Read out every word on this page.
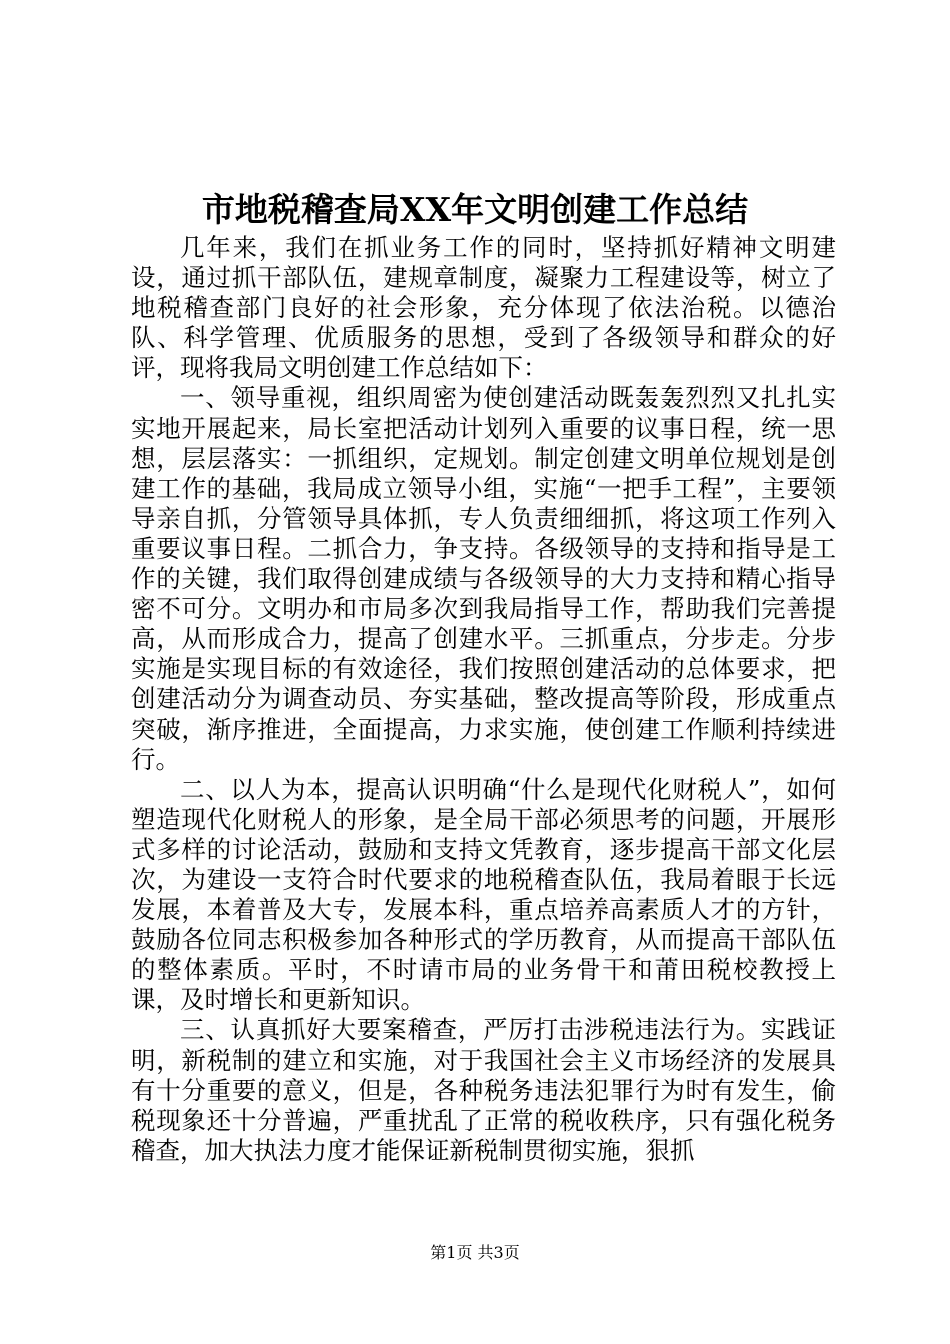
市地税稽查局XX年文明创建工作总结

几年来，我们在抓业务工作的同时，坚持抓好精神文明建设，通过抓干部队伍，建规章制度，凝聚力工程建设等，树立了地税稽查部门良好的社会形象，充分体现了依法治税。以德治队、科学管理、优质服务的思想，受到了各级领导和群众的好评，现将我局文明创建工作总结如下：

一、领导重视，组织周密为使创建活动既轰轰烈烈又扎扎实实地开展起来，局长室把活动计划列入重要的议事日程，统一思想，层层落实：一抓组织，定规划。制定创建文明单位规划是创建工作的基础，我局成立领导小组，实施“一把手工程”，主要领导亲自抓，分管领导具体抓，专人负责细细抓，将这项工作列入重要议事日程。二抓合力，争支持。各级领导的支持和指导是工作的关键，我们取得创建成绩与各级领导的大力支持和精心指导密不可分。文明办和市局多次到我局指导工作，帮助我们完善提高，从而形成合力，提高了创建水平。三抓重点，分步走。分步实施是实现目标的有效途径，我们按照创建活动的总体要求，把创建活动分为调查动员、夯实基础，整改提高等阶段，形成重点突破，渐序推进，全面提高，力求实施，使创建工作顺利持续进行。

二、以人为本，提高认识明确“什么是现代化财税人”，如何塑造现代化财税人的形象，是全局干部必须思考的问题，开展形式多样的讨论活动，鼓励和支持文凭教育，逐步提高干部文化层次，为建设一支符合时代要求的地税稽查队伍，我局着眼于长远发展，本着普及大专，发展本科，重点培养高素质人才的方针，鼓励各位同志积极参加各种形式的学历教育，从而提高干部队伍的整体素质。平时，不时请市局的业务骨干和莆田税校教授上课，及时增长和更新知识。

三、认真抓好大要案稽查，严厉打击涉税违法行为。实践证明，新税制的建立和实施，对于我国社会主义市场经济的发展具有十分重要的意义，但是，各种税务违法犯罪行为时有发生，偷税现象还十分普遍，严重扰乱了正常的税收秩序，只有强化税务稽查，加大执法力度才能保证新税制贯彻实施，狠抓

第1页 共3页
